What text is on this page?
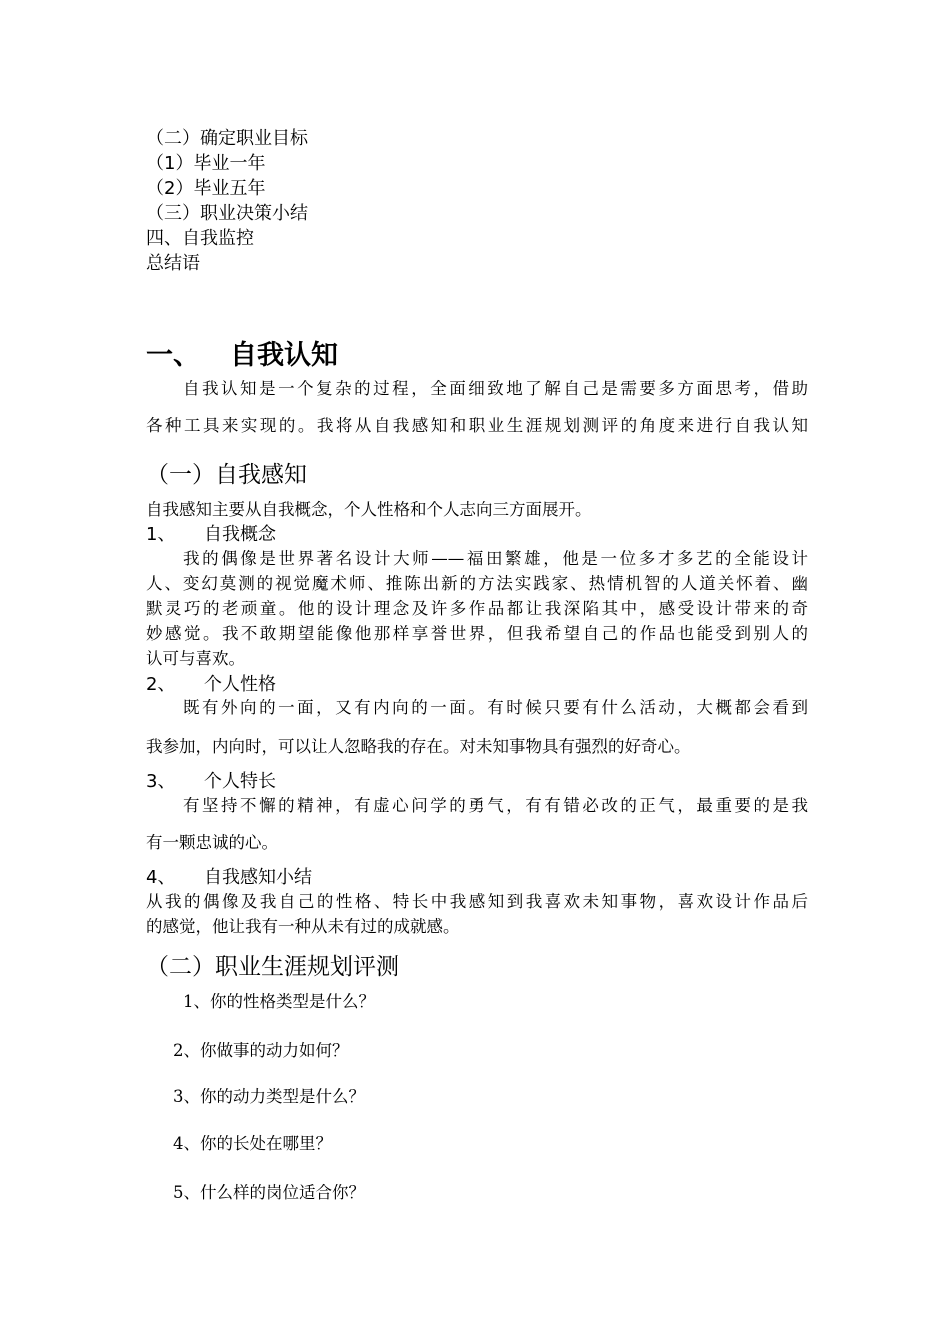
（二）确定职业目标
（1）毕业一年
（2）毕业五年
（三）职业决策小结
四、自我监控
总结语
一、 自我认知
自我认知是一个复杂的过程，全面细致地了解自己是需要多方面思考，借助
各种工具来实现的。我将从自我感知和职业生涯规划测评的角度来进行自我认知
（一）自我感知
自我感知主要从自我概念，个人性格和个人志向三方面展开。
1、 自我概念
我的偶像是世界著名设计大师——福田繁雄，他是一位多才多艺的全能设计
人、变幻莫测的视觉魔术师、推陈出新的方法实践家、热情机智的人道关怀着、幽
默灵巧的老顽童。他的设计理念及许多作品都让我深陷其中，感受设计带来的奇
妙感觉。我不敢期望能像他那样享誉世界，但我希望自己的作品也能受到别人的
认可与喜欢。
2、 个人性格
既有外向的一面，又有内向的一面。有时候只要有什么活动，大概都会看到
我参加，内向时，可以让人忽略我的存在。对未知事物具有强烈的好奇心。
3、 个人特长
有坚持不懈的精神，有虚心问学的勇气，有有错必改的正气，最重要的是我
有一颗忠诚的心。
4、 自我感知小结
从我的偶像及我自己的性格、特长中我感知到我喜欢未知事物，喜欢设计作品后
的感觉，他让我有一种从未有过的成就感。
（二）职业生涯规划评测
1、你的性格类型是什么？
2、你做事的动力如何？
3、你的动力类型是什么？
4、你的长处在哪里？
5、什么样的岗位适合你？
